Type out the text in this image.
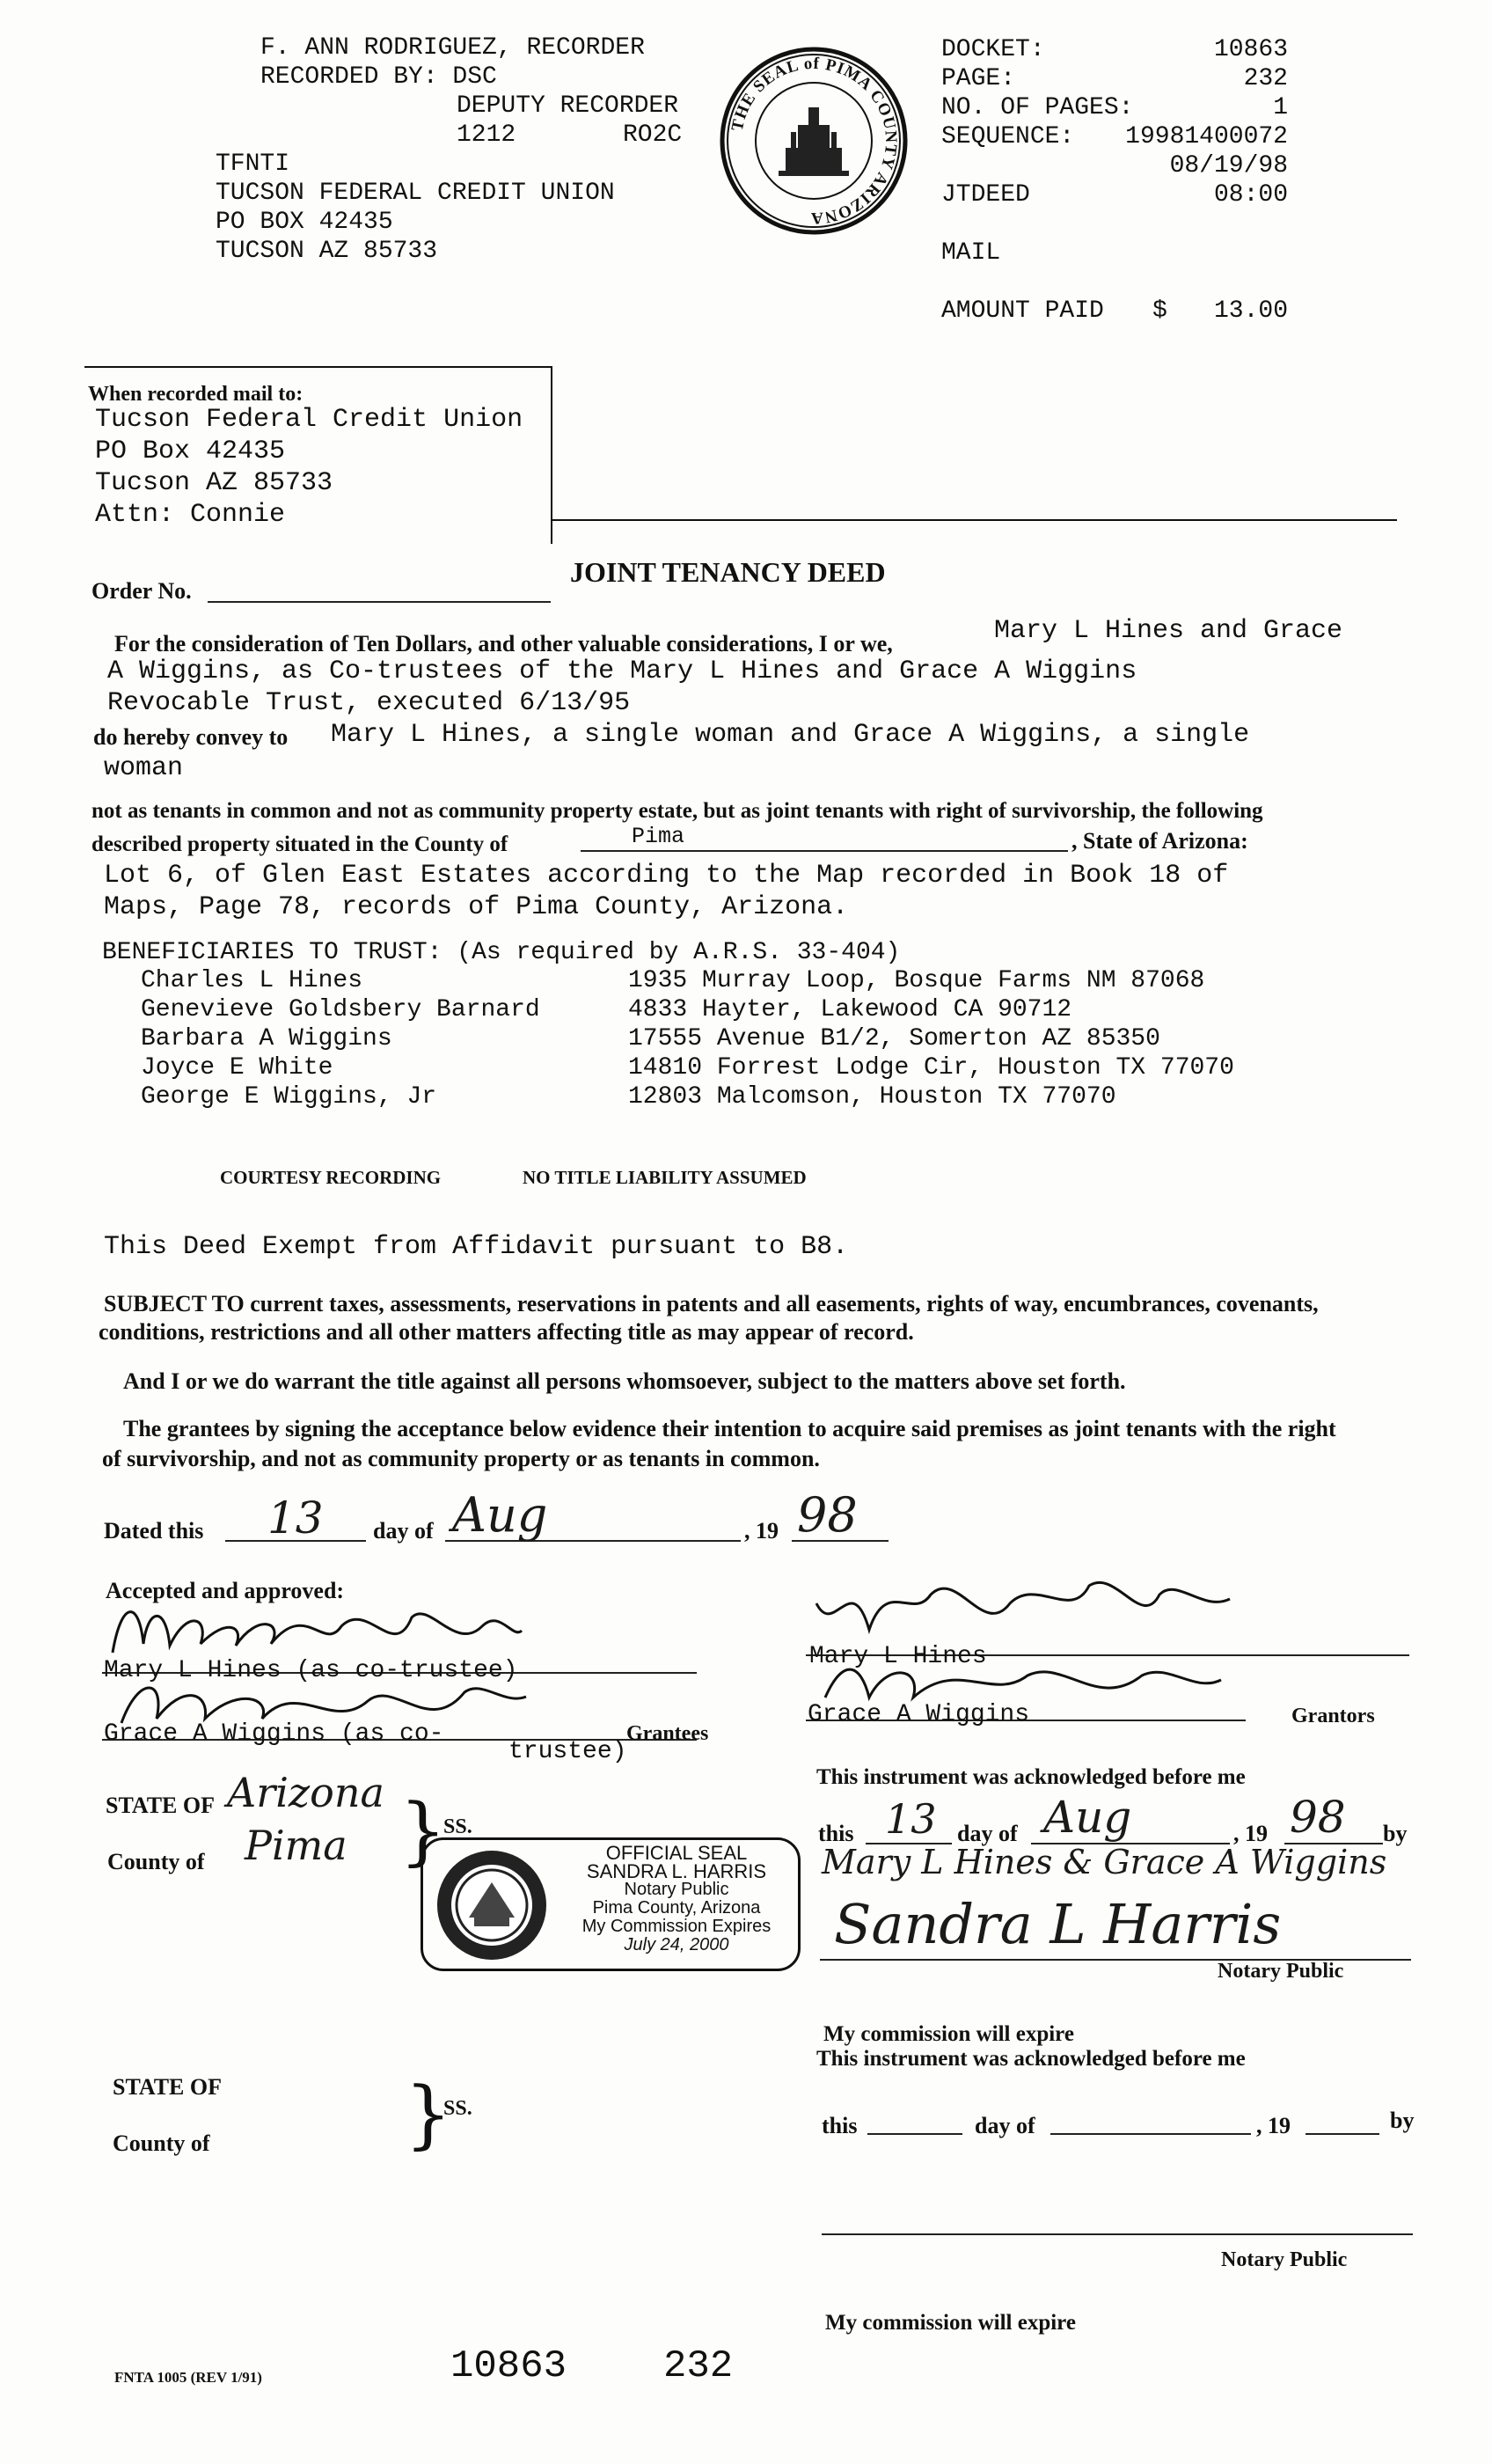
F. ANN RODRIGUEZ, RECORDER
RECORDED BY: DSC
DEPUTY RECORDER
1212	RO2C
TFNTI
TUCSON FEDERAL CREDIT UNION
PO BOX 42435
TUCSON AZ 85733
THE SEAL of PIMA COUNTY ARIZONA
DOCKET:	10863
PAGE:	232
NO. OF PAGES:	1
SEQUENCE:	19981400072
08/19/98
JTDEED	08:00
MAIL
AMOUNT PAID $	13.00
When recorded mail to:
Tucson Federal Credit Union
PO Box 42435
Tucson AZ 85733
Attn: Connie
Order No.
JOINT TENANCY DEED
For the consideration of Ten Dollars, and other valuable considerations, I or we,	Mary L Hines and Grace
A Wiggins, as Co-trustees of the Mary L Hines and Grace A Wiggins
Revocable Trust, executed 6/13/95
do hereby convey to Mary L Hines, a single woman and Grace A Wiggins, a single
woman
not as tenants in common and not as community property estate, but as joint tenants with right of survivorship, the following
described property situated in the County of	Pima	, State of Arizona:
Lot 6, of Glen East Estates according to the Map recorded in Book 18 of
Maps, Page 78, records of Pima County, Arizona.
BENEFICIARIES TO TRUST: (As required by A.R.S. 33-404)
Charles L Hines	1935 Murray Loop, Bosque Farms NM 87068
Genevieve Goldsbery Barnard	4833 Hayter, Lakewood CA 90712
Barbara A Wiggins	17555 Avenue B1/2, Somerton AZ 85350
Joyce E White	14810 Forrest Lodge Cir, Houston TX 77070
George E Wiggins, Jr	12803 Malcomson, Houston TX 77070
COURTESY RECORDING	NO TITLE LIABILITY ASSUMED
This Deed Exempt from Affidavit pursuant to B8.
SUBJECT TO current taxes, assessments, reservations in patents and all easements, rights of way, encumbrances, covenants,
conditions, restrictions and all other matters affecting title as may appear of record.
And I or we do warrant the title against all persons whomsoever, subject to the matters above set forth.
The grantees by signing the acceptance below evidence their intention to acquire said premises as joint tenants with the right
of survivorship, and not as community property or as tenants in common.
Dated this 13 day of Aug	, 19 98
Accepted and approved:
Mary L Hines (as co-trustee)
Grace A Wiggins (as co-
trustee)
Grantees
Mary L Hines
Grace A Wiggins	Grantors
STATE OF Arizona
County of Pima }
SS.
OFFICIAL SEAL
SANDRA L. HARRIS
Notary Public
Pima County, Arizona
My Commission Expires
July 24, 2000
This instrument was acknowledged before me
this 13 day of Aug	, 19 98 by
Mary L Hines & Grace A Wiggins
Sandra L Harris
Notary Public
My commission will expire
This instrument was acknowledged before me
STATE OF
County of	}
SS.
this	day of	, 19	by
Notary Public
My commission will expire
FNTA 1005 (REV 1/91)	10863 232
